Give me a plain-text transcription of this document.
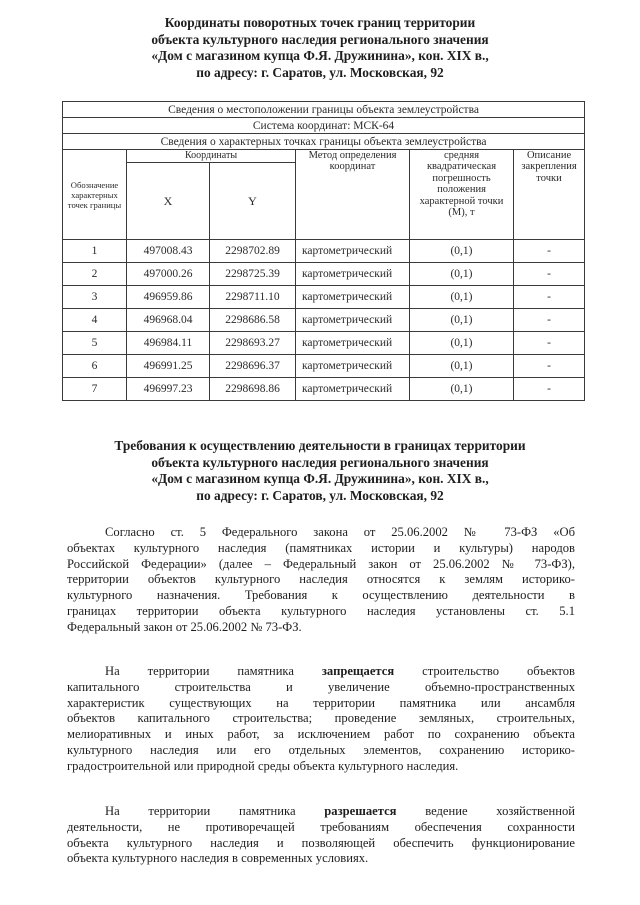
Координаты поворотных точек границ территории
объекта культурного наследия регионального значения
«Дом с магазином купца Ф.Я. Дружинина», кон. XIX в.,
по адресу: г. Саратов, ул. Московская, 92
Сведения о местоположении границы объекта землеустройства					
Система координат: МСК-64					
Сведения о характерных точках границы объекта землеустройства					
Обозначение характерных точек границы	Координаты		Метод определения координат	средняя квадратическая погрешность положения характерной точки (М), т	Описание закрепления точки
	X	Y			
1	497008.43	2298702.89	картометрический	(0,1)	-
2	497000.26	2298725.39	картометрический	(0,1)	-
3	496959.86	2298711.10	картометрический	(0,1)	-
4	496968.04	2298686.58	картометрический	(0,1)	-
5	496984.11	2298693.27	картометрический	(0,1)	-
6	496991.25	2298696.37	картометрический	(0,1)	-
7	496997.23	2298698.86	картометрический	(0,1)	-
Требования к осуществлению деятельности в границах территории
объекта культурного наследия регионального значения
«Дом с магазином купца Ф.Я. Дружинина», кон. XIX в.,
по адресу: г. Саратов, ул. Московская, 92
Согласно ст. 5 Федерального закона от 25.06.2002 № 73-ФЗ «Об
объектах культурного наследия (памятниках истории и культуры) народов
Российской Федерации» (далее – Федеральный закон от 25.06.2002 № 73-ФЗ),
территории объектов культурного наследия относятся к землям историко-
культурного назначения. Требования к осуществлению деятельности в
границах территории объекта культурного наследия установлены ст. 5.1
Федеральный закон от 25.06.2002 № 73-ФЗ.
На территории памятника запрещается строительство объектов
капитального строительства и увеличение объемно-пространственных
характеристик существующих на территории памятника или ансамбля
объектов капитального строительства; проведение земляных, строительных,
мелиоративных и иных работ, за исключением работ по сохранению объекта
культурного наследия или его отдельных элементов, сохранению историко-
градостроительной или природной среды объекта культурного наследия.
На территории памятника разрешается ведение хозяйственной
деятельности, не противоречащей требованиям обеспечения сохранности
объекта культурного наследия и позволяющей обеспечить функционирование
объекта культурного наследия в современных условиях.
